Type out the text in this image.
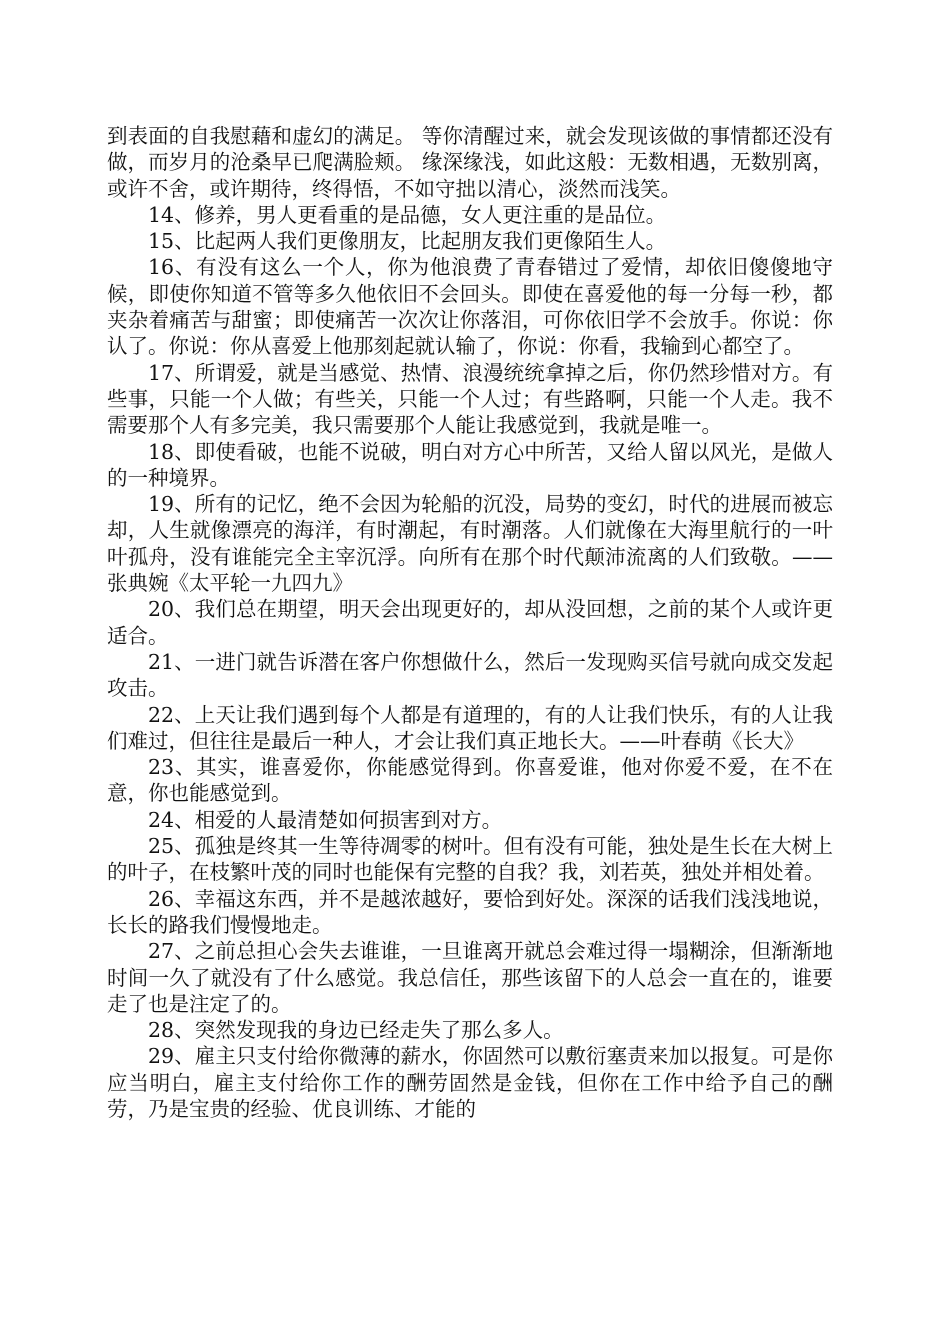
到表面的自我慰藉和虚幻的满足。 等你清醒过来，就会发现该做的事情都还没有做，而岁月的沧桑早已爬满脸颊。 缘深缘浅，如此这般：无数相遇，无数别离，或许不舍，或许期待，终得悟，不如守拙以清心，淡然而浅笑。

14、修养，男人更看重的是品德，女人更注重的是品位。

15、比起两人我们更像朋友，比起朋友我们更像陌生人。

16、有没有这么一个人，你为他浪费了青春错过了爱情，却依旧傻傻地守候，即使你知道不管等多久他依旧不会回头。即使在喜爱他的每一分每一秒，都夹杂着痛苦与甜蜜；即使痛苦一次次让你落泪，可你依旧学不会放手。你说：你认了。你说：你从喜爱上他那刻起就认输了，你说：你看，我输到心都空了。

17、所谓爱，就是当感觉、热情、浪漫统统拿掉之后，你仍然珍惜对方。有些事，只能一个人做；有些关，只能一个人过；有些路啊，只能一个人走。我不需要那个人有多完美，我只需要那个人能让我感觉到，我就是唯一。

18、即使看破，也能不说破，明白对方心中所苦，又给人留以风光，是做人的一种境界。

19、所有的记忆，绝不会因为轮船的沉没，局势的变幻，时代的进展而被忘却，人生就像漂亮的海洋，有时潮起，有时潮落。人们就像在大海里航行的一叶叶孤舟，没有谁能完全主宰沉浮。向所有在那个时代颠沛流离的人们致敬。——张典婉《太平轮一九四九》

20、我们总在期望，明天会出现更好的，却从没回想，之前的某个人或许更适合。

21、一进门就告诉潜在客户你想做什么，然后一发现购买信号就向成交发起攻击。

22、上天让我们遇到每个人都是有道理的，有的人让我们快乐，有的人让我们难过，但往往是最后一种人，才会让我们真正地长大。——叶春萌《长大》

23、其实，谁喜爱你，你能感觉得到。你喜爱谁，他对你爱不爱，在不在意，你也能感觉到。

24、相爱的人最清楚如何损害到对方。

25、孤独是终其一生等待凋零的树叶。但有没有可能，独处是生长在大树上的叶子，在枝繁叶茂的同时也能保有完整的自我？我，刘若英，独处并相处着。

26、幸福这东西，并不是越浓越好，要恰到好处。深深的话我们浅浅地说，长长的路我们慢慢地走。

27、之前总担心会失去谁谁，一旦谁离开就总会难过得一塌糊涂，但渐渐地时间一久了就没有了什么感觉。我总信任，那些该留下的人总会一直在的，谁要走了也是注定了的。

28、突然发现我的身边已经走失了那么多人。

29、雇主只支付给你微薄的薪水，你固然可以敷衍塞责来加以报复。可是你应当明白，雇主支付给你工作的酬劳固然是金钱，但你在工作中给予自己的酬劳，乃是宝贵的经验、优良训练、才能的
